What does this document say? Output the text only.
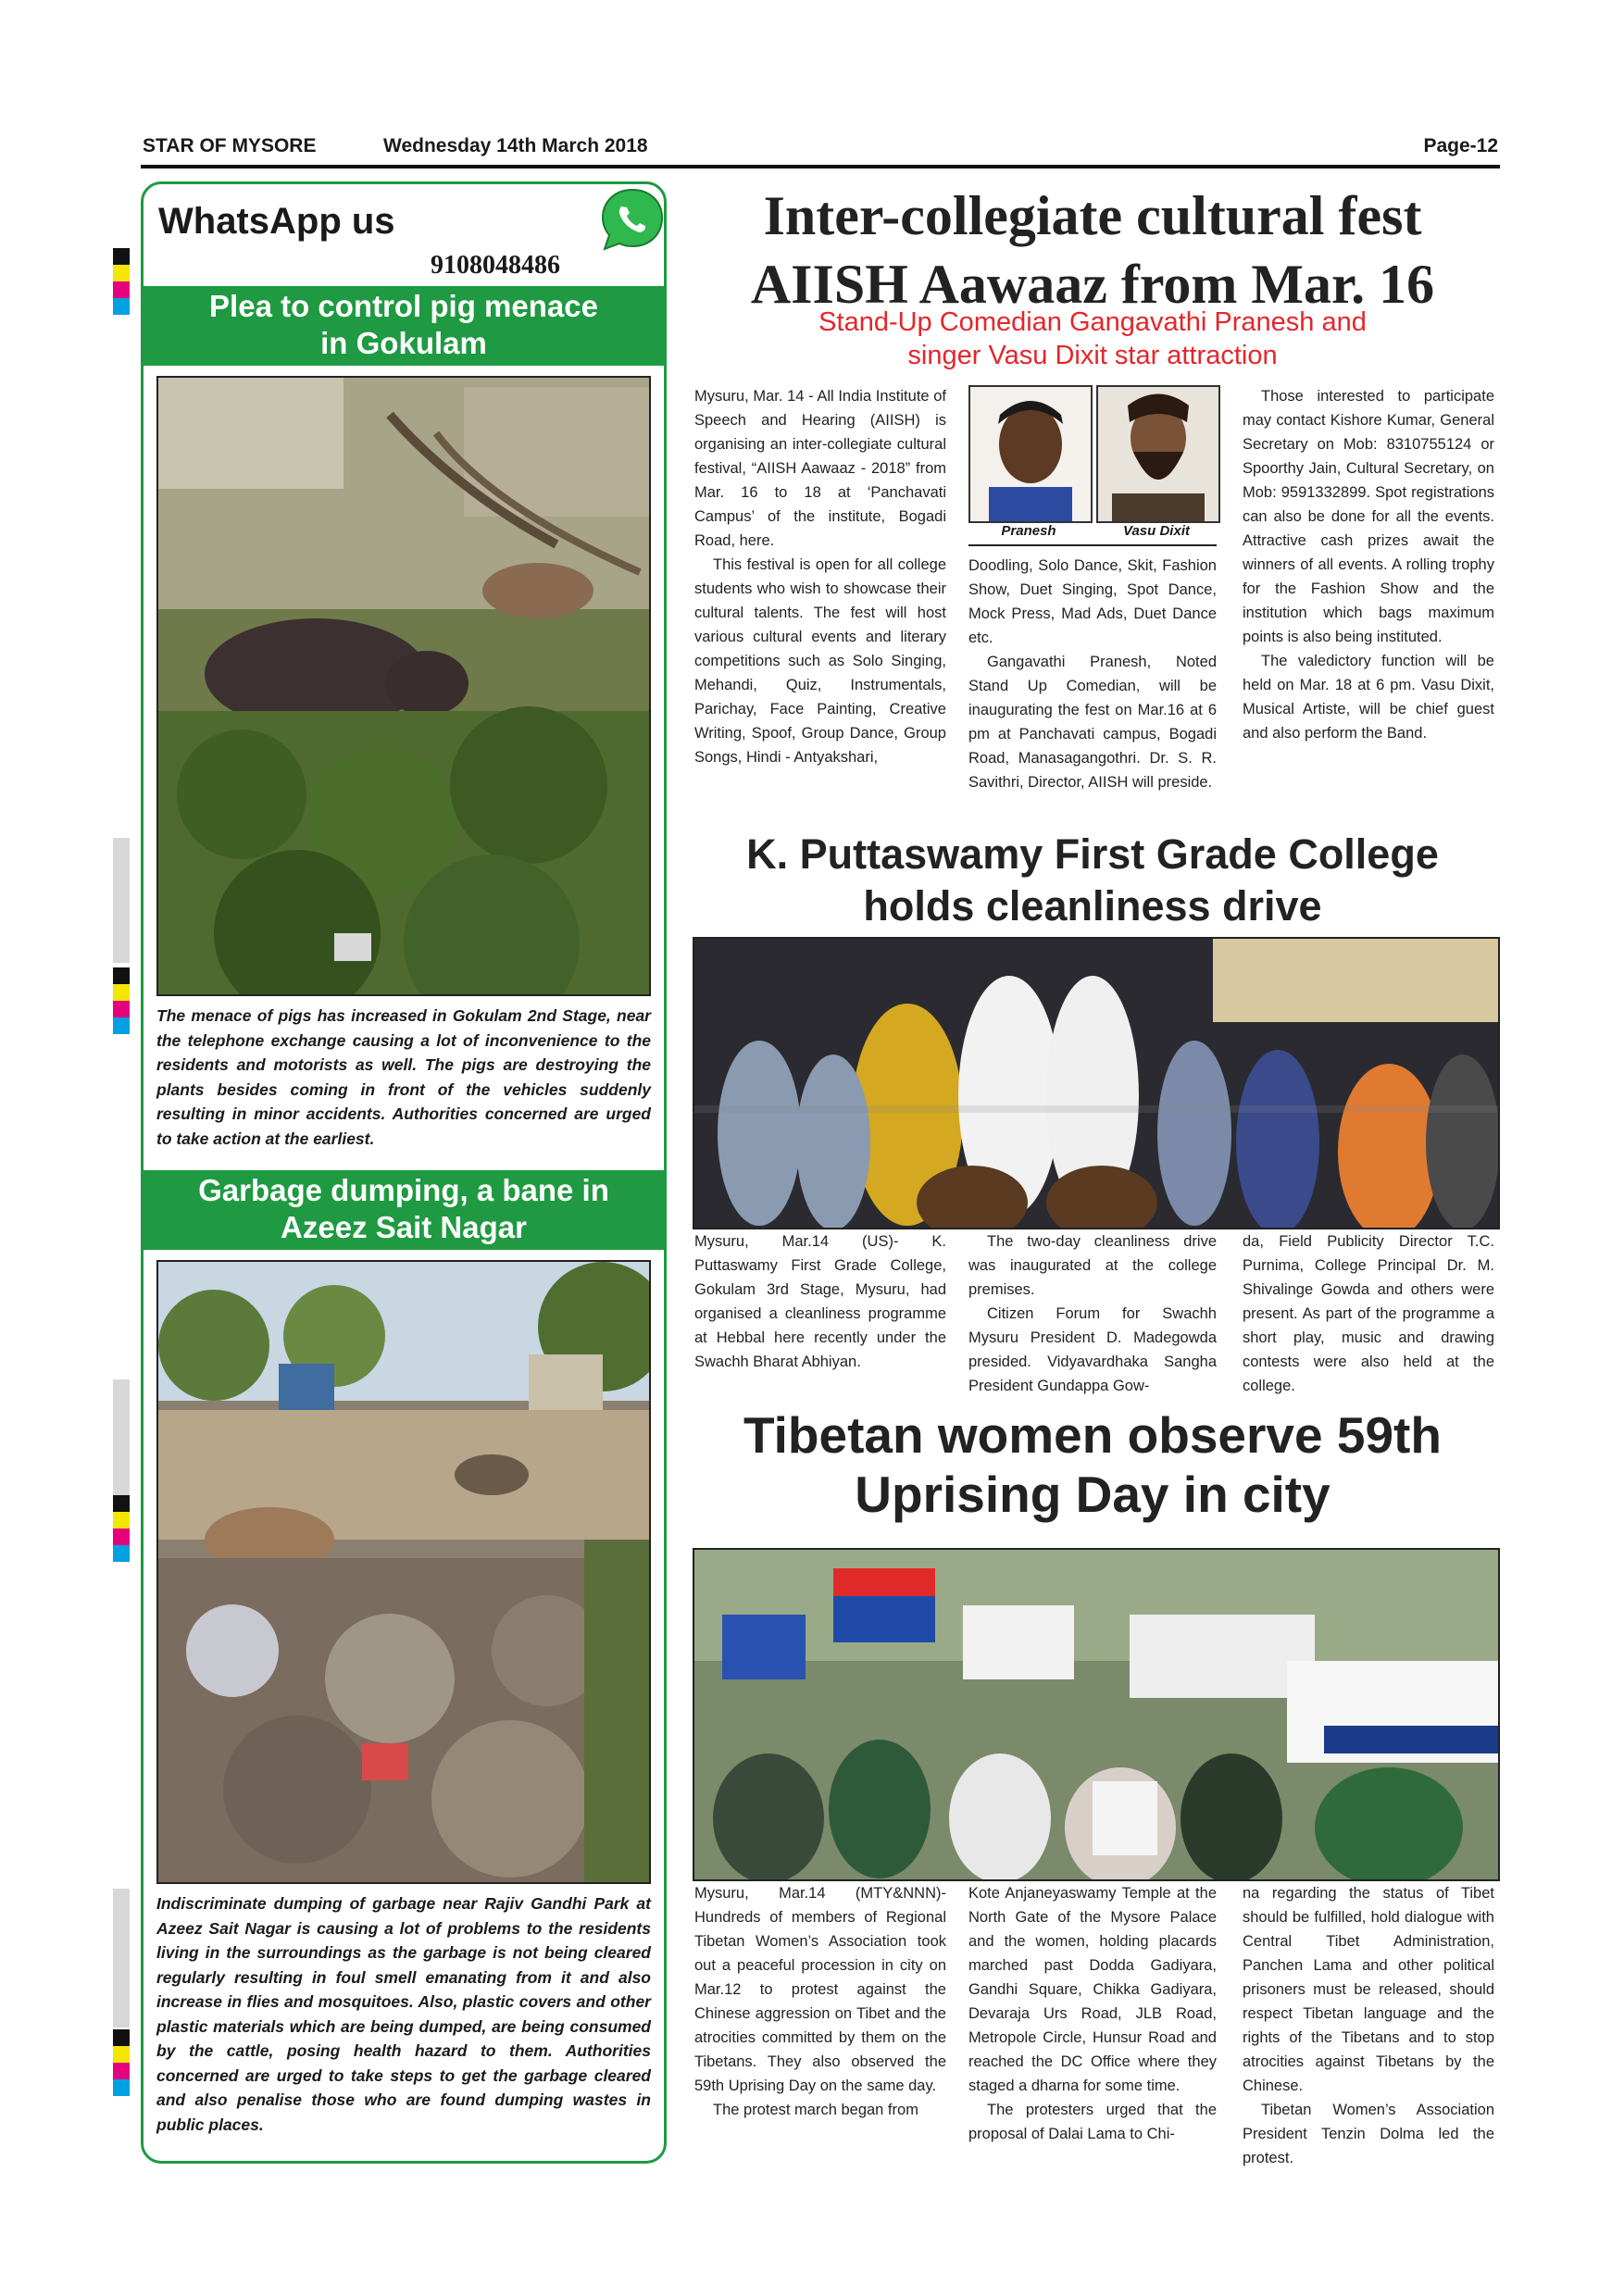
STAR OF MYSORE	Wednesday 14th March 2018	Page-12
WhatsApp us
9108048486
Plea to control pig menace
in Gokulam
The menace of pigs has increased in Gokulam 2nd Stage, near the telephone exchange causing a lot of inconvenience to the residents and motorists as well. The pigs are destroying the plants besides coming in front of the vehicles suddenly resulting in minor accidents. Authorities concerned are urged to take action at the earliest.
Garbage dumping, a bane in
Azeez Sait Nagar
Indiscriminate dumping of garbage near Rajiv Gandhi Park at Azeez Sait Nagar is causing a lot of problems to the residents living in the surroundings as the garbage is not being cleared regularly resulting in foul smell emanating from it and also increase in flies and mosquitoes. Also, plastic covers and other plastic materials which are being dumped, are being consumed by the cattle, posing health hazard to them. Authorities concerned are urged to take steps to get the garbage cleared and also penalise those who are found dumping wastes in public places.
Inter-collegiate cultural fest
AIISH Aawaaz from Mar. 16
Stand-Up Comedian Gangavathi Pranesh and
singer Vasu Dixit star attraction

Mysuru, Mar. 14 - All India Institute of Speech and Hearing (AIISH) is organising an inter-collegiate cultural festival, “AIISH Aawaaz - 2018” from Mar. 16 to 18 at ‘Panchavati Campus’ of the institute, Bogadi Road, here.

This festival is open for all college students who wish to showcase their cultural talents. The fest will host various cultural events and literary competitions such as Solo Singing, Mehandi, Quiz, Instrumentals, Parichay, Face Painting, Creative Writing, Spoof, Group Dance, Group Songs, Hindi - Antyakshari,

Pranesh	Vasu Dixit

Doodling, Solo Dance, Skit, Fashion Show, Duet Singing, Spot Dance, Mock Press, Mad Ads, Duet Dance etc.

Gangavathi Pranesh, Noted Stand Up Comedian, will be inaugurating the fest on Mar.16 at 6 pm at Panchavati campus, Bogadi Road, Manasagangothri. Dr. S. R. Savithri, Director, AIISH will preside.

Those interested to participate may contact Kishore Kumar, General Secretary on Mob: 8310755124 or Spoorthy Jain, Cultural Secretary, on Mob: 9591332899. Spot registrations can also be done for all the events. Attractive cash prizes await the winners of all events. A rolling trophy for the Fashion Show and the institution which bags maximum points is also being instituted.

The valedictory function will be held on Mar. 18 at 6 pm. Vasu Dixit, Musical Artiste, will be chief guest and also perform the Band.

K. Puttaswamy First Grade College
holds cleanliness drive

Mysuru, Mar.14 (US)- K. Puttaswamy First Grade College, Gokulam 3rd Stage, Mysuru, had organised a cleanliness programme at Hebbal here recently under the Swachh Bharat Abhiyan.

The two-day cleanliness drive was inaugurated at the college premises.

Citizen Forum for Swachh Mysuru President D. Madegowda presided. Vidyavardhaka Sangha President Gundappa Gow-

da, Field Publicity Director T.C. Purnima, College Principal Dr. M. Shivalinge Gowda and others were present. As part of the programme a short play, music and drawing contests were also held at the college.

Tibetan women observe 59th
Uprising Day in city

Mysuru, Mar.14 (MTY&NNN)- Hundreds of members of Regional Tibetan Women’s Association took out a peaceful procession in city on Mar.12 to protest against the Chinese aggression on Tibet and the atrocities committed by them on the Tibetans. They also observed the 59th Uprising Day on the same day.

The protest march began from

Kote Anjaneyaswamy Temple at the North Gate of the Mysore Palace and the women, holding placards marched past Dodda Gadiyara, Gandhi Square, Chikka Gadiyara, Devaraja Urs Road, JLB Road, Metropole Circle, Hunsur Road and reached the DC Office where they staged a dharna for some time.

The protesters urged that the proposal of Dalai Lama to Chi-

na regarding the status of Tibet should be fulfilled, hold dialogue with Central Tibet Administration, Panchen Lama and other political prisoners must be released, should respect Tibetan language and the rights of the Tibetans and to stop atrocities against Tibetans by the Chinese.

Tibetan Women’s Association President Tenzin Dolma led the protest.
